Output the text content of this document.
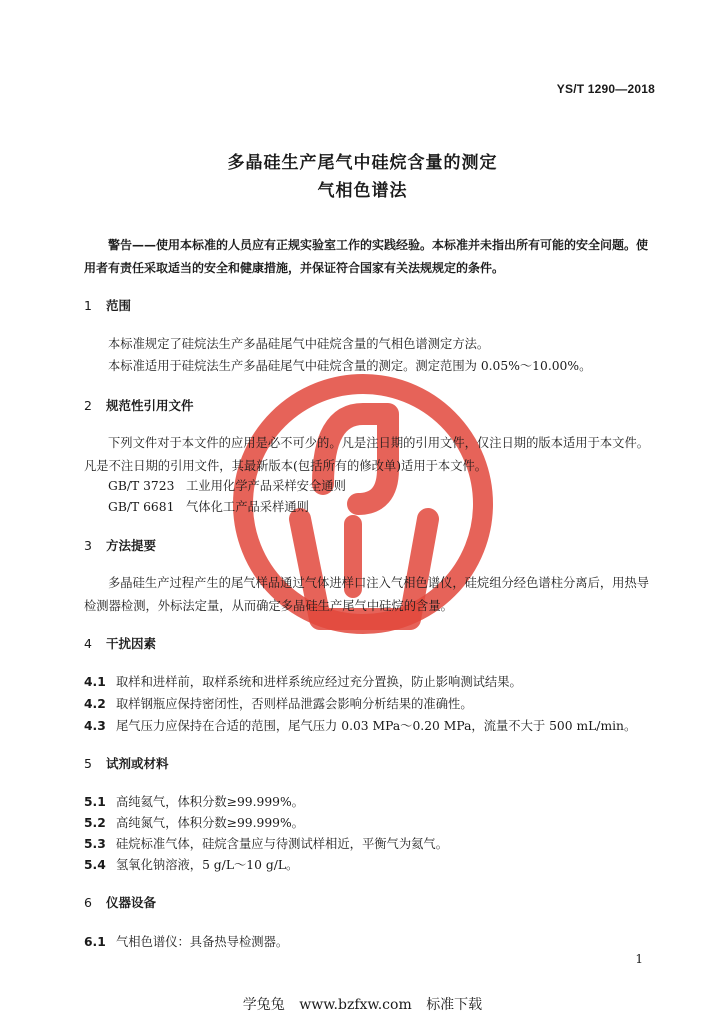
YS/T 1290—2018
多晶硅生产尾气中硅烷含量的测定
气相色谱法
警告——使用本标准的人员应有正规实验室工作的实践经验。本标准并未指出所有可能的安全问题。使用者有责任采取适当的安全和健康措施，并保证符合国家有关法规规定的条件。
1 范围
本标准规定了硅烷法生产多晶硅尾气中硅烷含量的气相色谱测定方法。
本标准适用于硅烷法生产多晶硅尾气中硅烷含量的测定。测定范围为 0.05%～10.00%。
2 规范性引用文件
下列文件对于本文件的应用是必不可少的。凡是注日期的引用文件，仅注日期的版本适用于本文件。凡是不注日期的引用文件，其最新版本(包括所有的修改单)适用于本文件。
GB/T 3723 工业用化学产品采样安全通则
GB/T 6681 气体化工产品采样通则
3 方法提要
多晶硅生产过程产生的尾气样品通过气体进样口注入气相色谱仪，硅烷组分经色谱柱分离后，用热导检测器检测，外标法定量，从而确定多晶硅生产尾气中硅烷的含量。
4 干扰因素
4.1 取样和进样前，取样系统和进样系统应经过充分置换，防止影响测试结果。
4.2 取样钢瓶应保持密闭性，否则样品泄露会影响分析结果的准确性。
4.3 尾气压力应保持在合适的范围，尾气压力 0.03 MPa～0.20 MPa，流量不大于 500 mL/min。
5 试剂或材料
5.1 高纯氦气，体积分数≥99.999%。
5.2 高纯氮气，体积分数≥99.999%。
5.3 硅烷标准气体，硅烷含量应与待测试样相近，平衡气为氦气。
5.4 氢氧化钠溶液，5 g/L～10 g/L。
6 仪器设备
6.1 气相色谱仪：具备热导检测器。
1
学兔兔 www.bzfxw.com 标准下载
